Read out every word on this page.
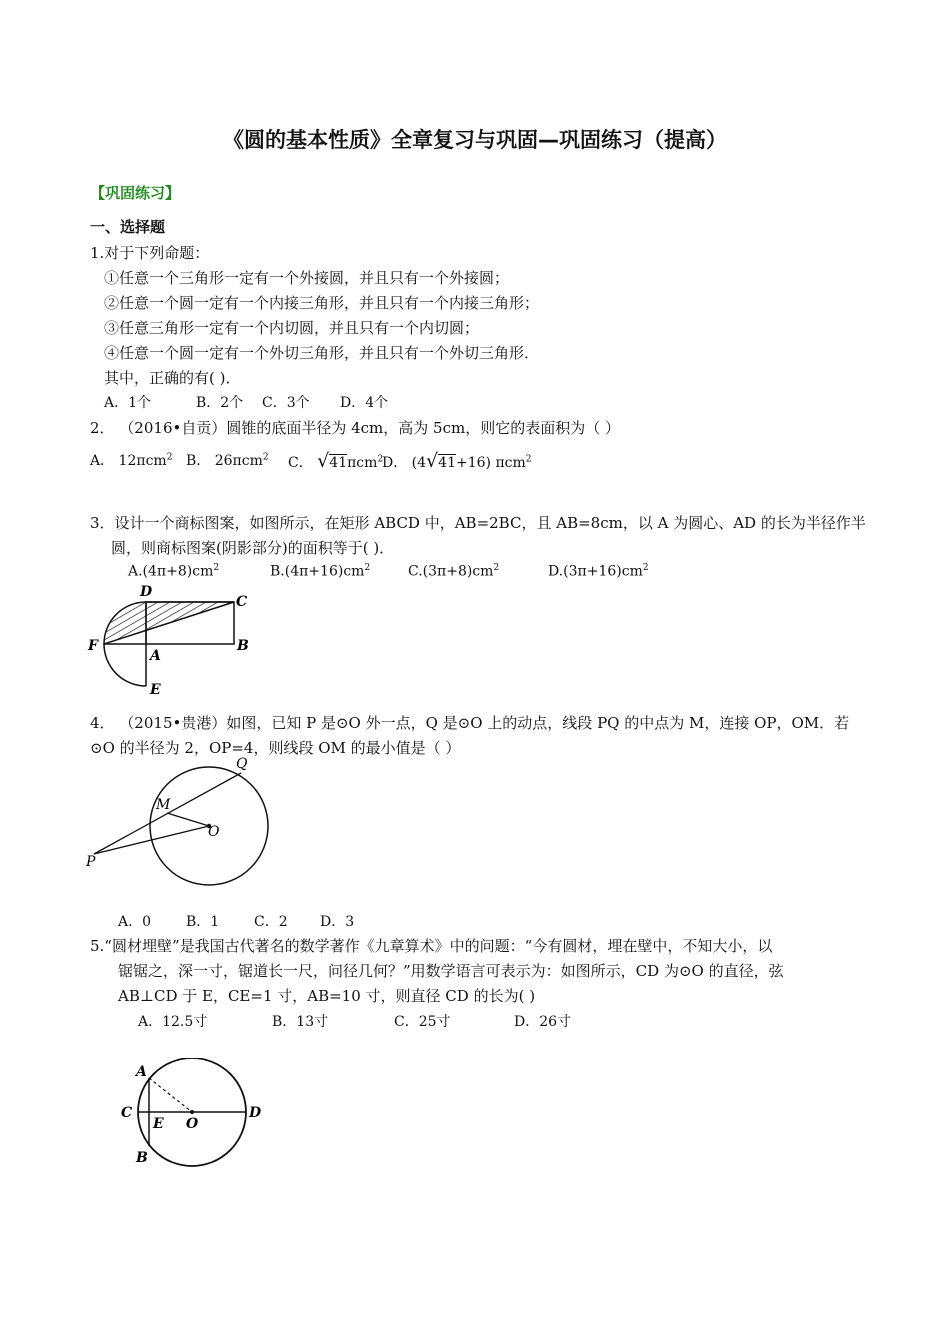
《圆的基本性质》全章复习与巩固—巩固练习（提高）
【巩固练习】
一、选择题
1.对于下列命题：
①任意一个三角形一定有一个外接圆，并且只有一个外接圆；
②任意一个圆一定有一个内接三角形，并且只有一个内接三角形；
③任意三角形一定有一个内切圆，并且只有一个内切圆；
④任意一个圆一定有一个外切三角形，并且只有一个外切三角形．
其中，正确的有( )．
A．1个	B．2个 C．3个 D．4个
2． （2016•自贡）圆锥的底面半径为 4cm，高为 5cm，则它的表面积为（ ）
A． 12πcm$^2$ B． 26πcm$^2$ C． √41πcm$^2$
D． (4√41+16) πcm$^2$
3．设计一个商标图案，如图所示，在矩形 ABCD 中，AB=2BC，且 AB=8cm，以 A 为圆心、AD 的长为半径作半
圆，则商标图案(阴影部分)的面积等于( )．
$A.(4\pi+8)cm^2$	$B.(4\pi+16)cm^2$	$C.(3\pi+8)cm^2$	$D.(3\pi+16)cm^2$
D
C
F
A
B
E
4． （2015•贵港）如图，已知 P 是⊙O 外一点，Q 是⊙O 上的动点，线段 PQ 的中点为 M，连接 OP，OM．若
⊙O 的半径为 2，OP=4，则线段 OM 的最小值是（ ）
Q
M
O
P
A．0 B．1 C．2 D．3
5.“圆材埋壁”是我国古代著名的数学著作《九章算术》中的问题：“今有圆材，埋在壁中，不知大小，以
锯锯之，深一寸，锯道长一尺，问径几何？”用数学语言可表示为：如图所示，CD 为⊙O 的直径，弦
AB⊥CD 于 E，CE=1 寸，AB=10 寸，则直径 CD 的长为( )
A．12.5寸	B．13寸	C．25寸	D．26寸
A
C
E O
D
B
